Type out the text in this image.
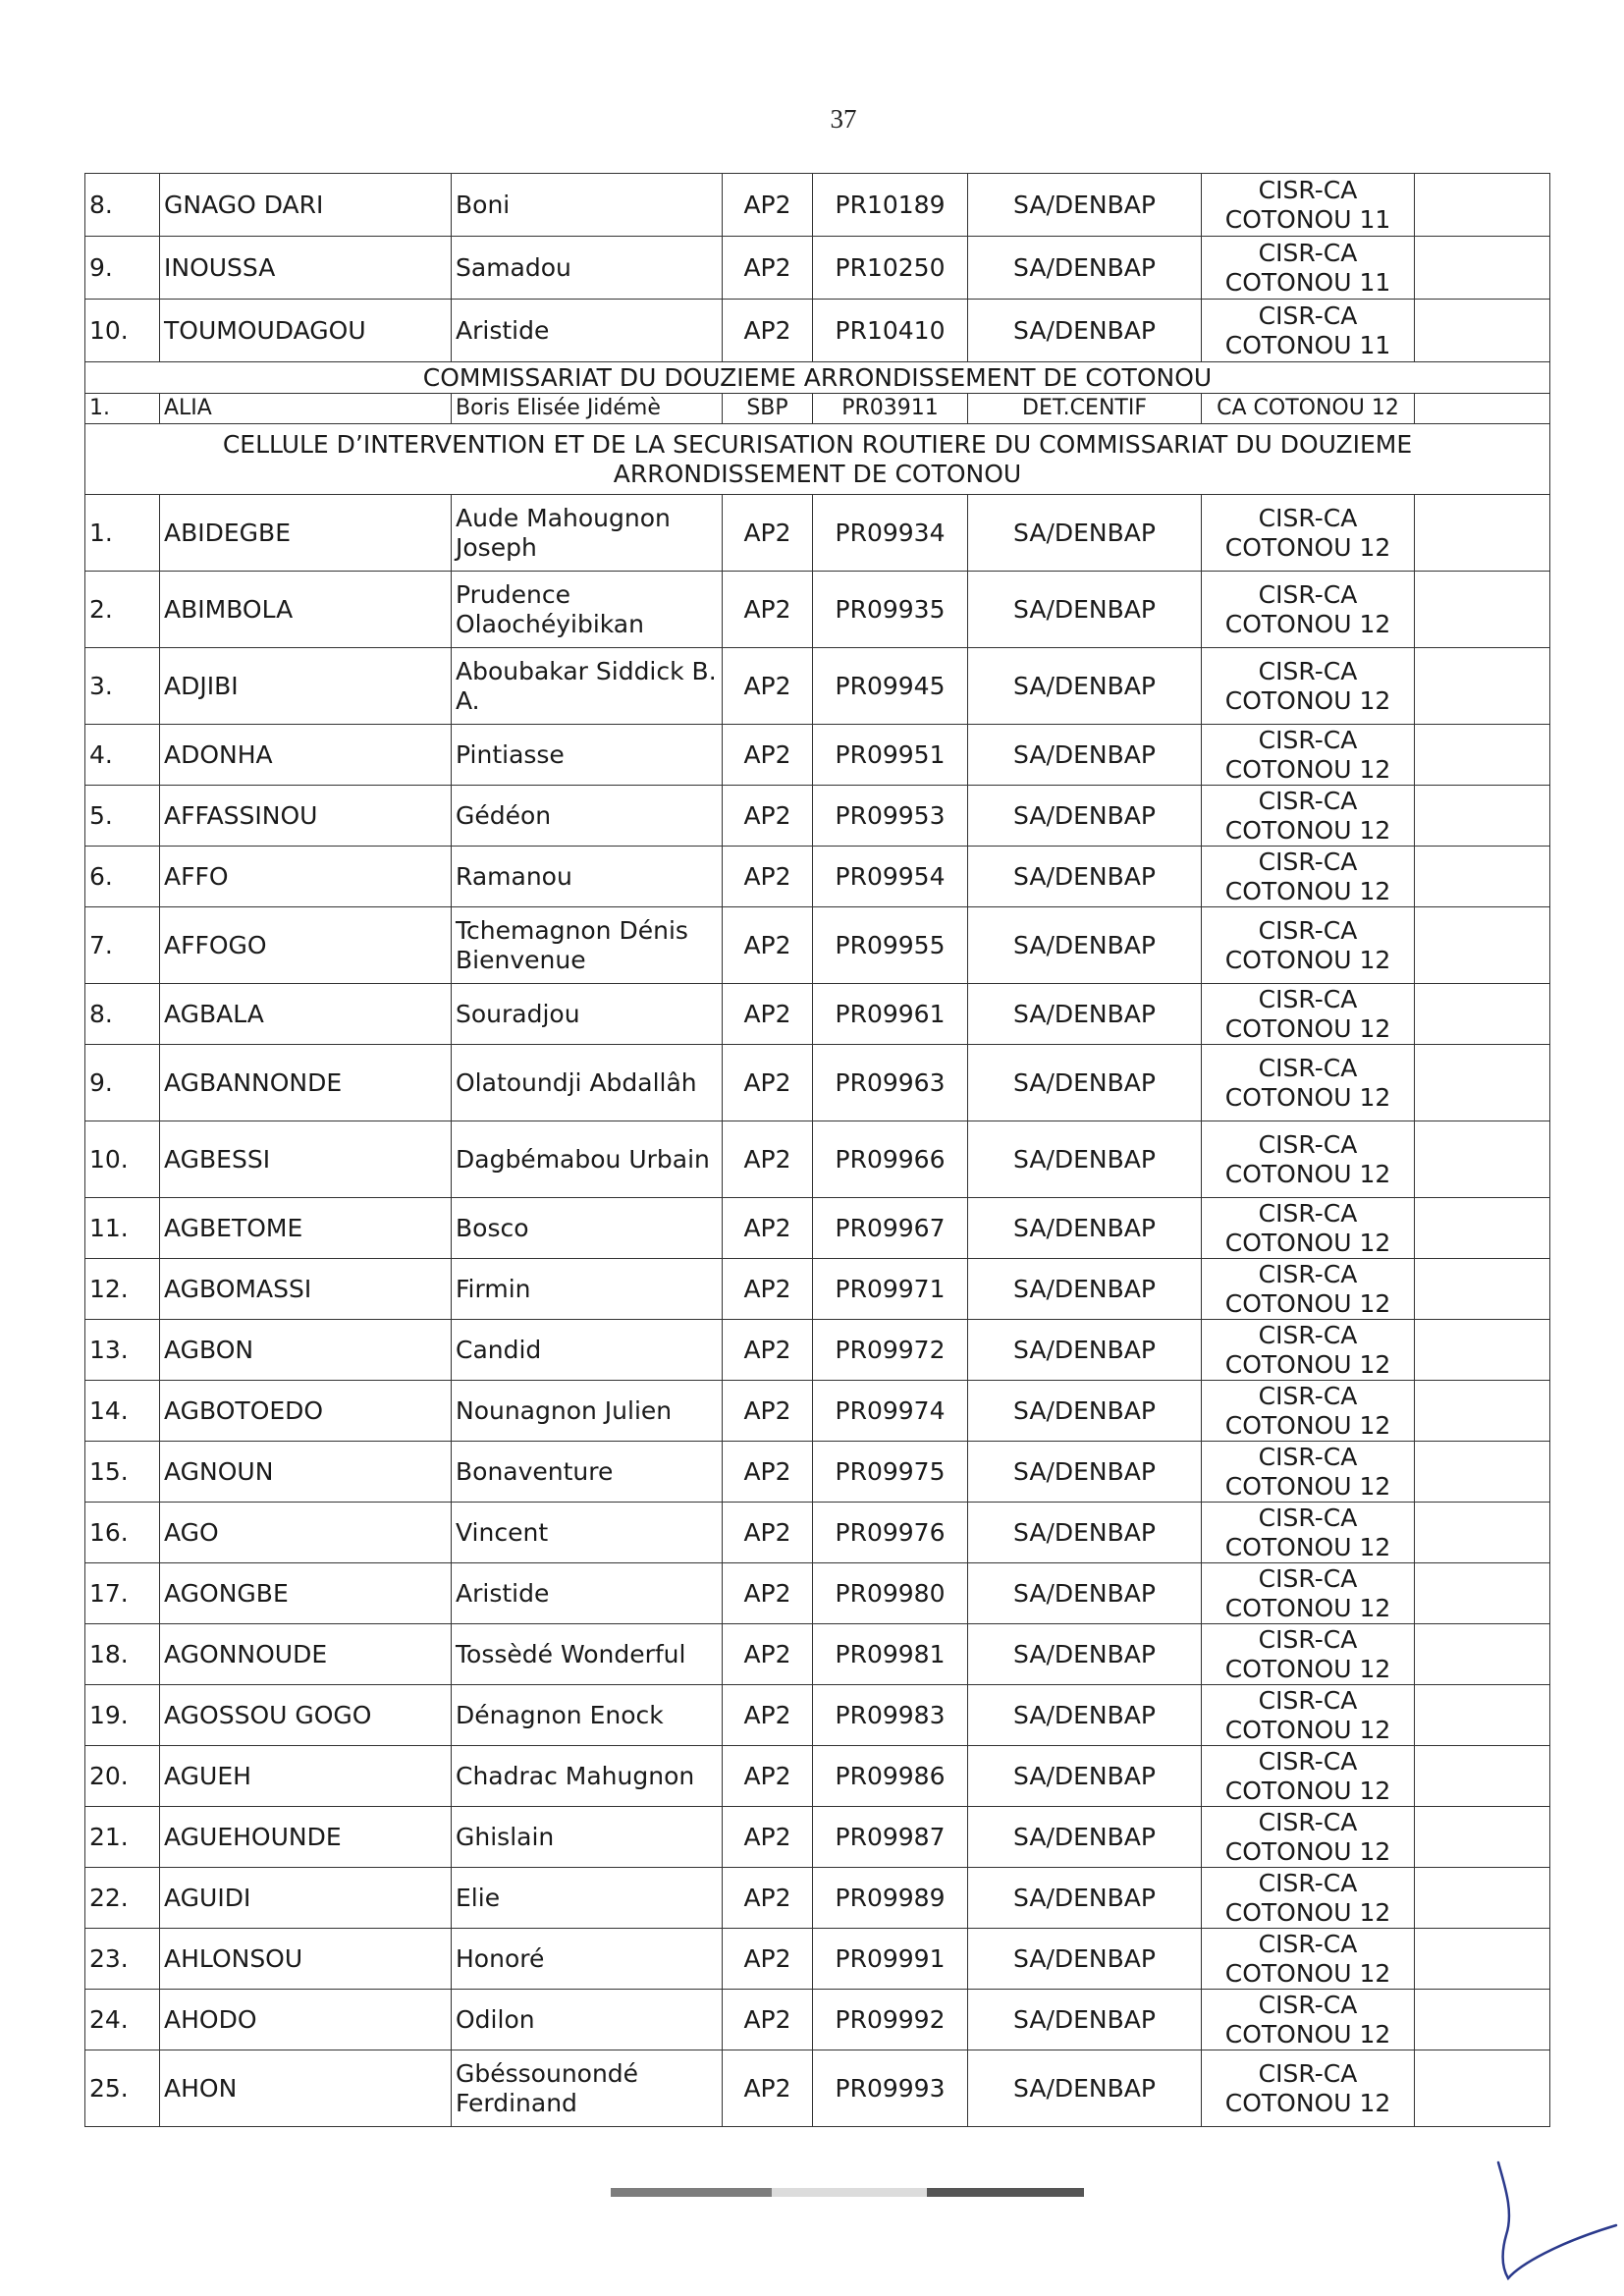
37
8.	GNAGO DARI	Boni	AP2	PR10189	SA/DENBAP	CISR-CA
COTONOU 11	

9.	INOUSSA	Samadou	AP2	PR10250	SA/DENBAP	CISR-CA
COTONOU 11	

10.	TOUMOUDAGOU	Aristide	AP2	PR10410	SA/DENBAP	CISR-CA
COTONOU 11	

COMMISSARIAT DU DOUZIEME ARRONDISSEMENT DE COTONOU							
1.	ALIA	Boris Elisée Jidémè	SBP	PR03911	DET.CENTIF	CA COTONOU 12	

CELLULE D’INTERVENTION ET DE LA SECURISATION ROUTIERE DU COMMISSARIAT DU DOUZIEME
ARRONDISSEMENT DE COTONOU							

1.	ABIDEGBE	Aude Mahougnon Joseph	AP2	PR09934	SA/DENBAP	CISR-CA
COTONOU 12	

2.	ABIMBOLA	Prudence Olaochéyibikan	AP2	PR09935	SA/DENBAP	CISR-CA
COTONOU 12	

3.	ADJIBI	Aboubakar Siddick B. A.	AP2	PR09945	SA/DENBAP	CISR-CA
COTONOU 12	

4.	ADONHA	Pintiasse	AP2	PR09951	SA/DENBAP	CISR-CA
COTONOU 12	

5.	AFFASSINOU	Gédéon	AP2	PR09953	SA/DENBAP	CISR-CA
COTONOU 12	

6.	AFFO	Ramanou	AP2	PR09954	SA/DENBAP	CISR-CA
COTONOU 12	

7.	AFFOGO	Tchemagnon Dénis Bienvenue	AP2	PR09955	SA/DENBAP	CISR-CA
COTONOU 12	

8.	AGBALA	Souradjou	AP2	PR09961	SA/DENBAP	CISR-CA
COTONOU 12	

9.	AGBANNONDE	Olatoundji Abdallâh	AP2	PR09963	SA/DENBAP	CISR-CA
COTONOU 12	

10.	AGBESSI	Dagbémabou Urbain	AP2	PR09966	SA/DENBAP	CISR-CA
COTONOU 12	

11.	AGBETOME	Bosco	AP2	PR09967	SA/DENBAP	CISR-CA
COTONOU 12	

12.	AGBOMASSI	Firmin	AP2	PR09971	SA/DENBAP	CISR-CA
COTONOU 12	

13.	AGBON	Candid	AP2	PR09972	SA/DENBAP	CISR-CA
COTONOU 12	

14.	AGBOTOEDO	Nounagnon Julien	AP2	PR09974	SA/DENBAP	CISR-CA
COTONOU 12	

15.	AGNOUN	Bonaventure	AP2	PR09975	SA/DENBAP	CISR-CA
COTONOU 12	

16.	AGO	Vincent	AP2	PR09976	SA/DENBAP	CISR-CA
COTONOU 12	

17.	AGONGBE	Aristide	AP2	PR09980	SA/DENBAP	CISR-CA
COTONOU 12	

18.	AGONNOUDE	Tossèdé Wonderful	AP2	PR09981	SA/DENBAP	CISR-CA
COTONOU 12	

19.	AGOSSOU GOGO	Dénagnon Enock	AP2	PR09983	SA/DENBAP	CISR-CA
COTONOU 12	

20.	AGUEH	Chadrac Mahugnon	AP2	PR09986	SA/DENBAP	CISR-CA
COTONOU 12	

21.	AGUEHOUNDE	Ghislain	AP2	PR09987	SA/DENBAP	CISR-CA
COTONOU 12	

22.	AGUIDI	Elie	AP2	PR09989	SA/DENBAP	CISR-CA
COTONOU 12	

23.	AHLONSOU	Honoré	AP2	PR09991	SA/DENBAP	CISR-CA
COTONOU 12	

24.	AHODO	Odilon	AP2	PR09992	SA/DENBAP	CISR-CA
COTONOU 12	

25.	AHON	Gbéssounondé Ferdinand	AP2	PR09993	SA/DENBAP	CISR-CA
COTONOU 12	
